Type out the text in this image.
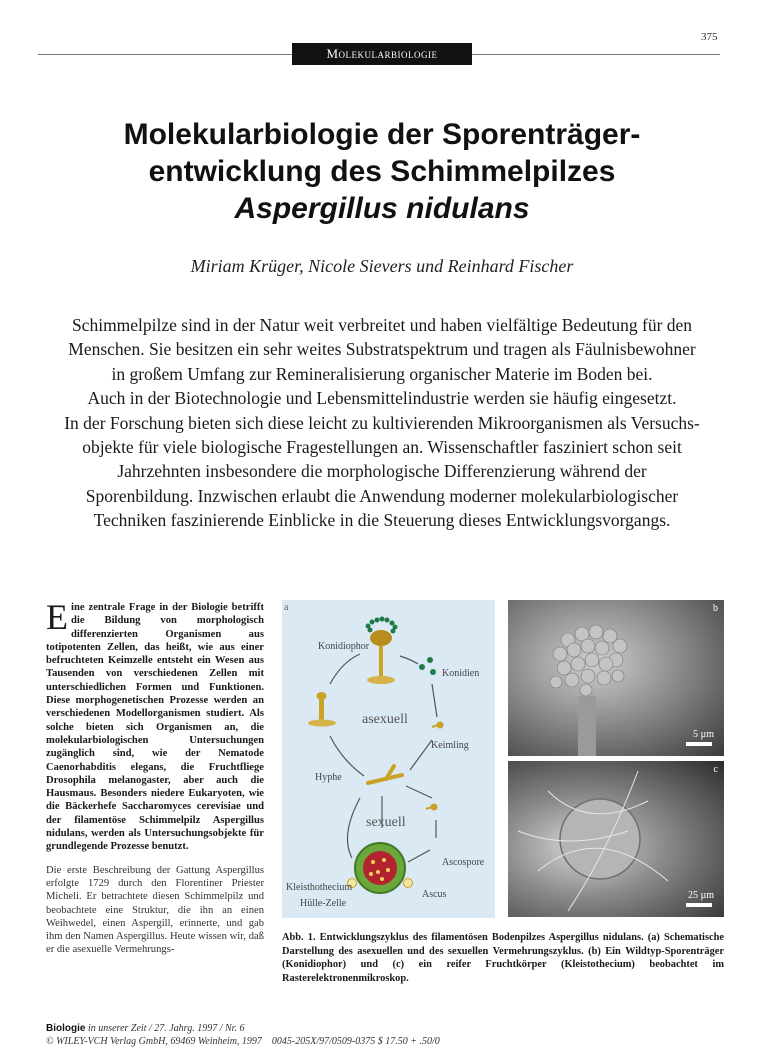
375
Molekularbiologie
Molekularbiologie der Sporenträger-
entwicklung des Schimmelpilzes
Aspergillus nidulans
Miriam Krüger, Nicole Sievers und Reinhard Fischer

Schimmelpilze sind in der Natur weit verbreitet und haben vielfältige Bedeutung für den

Menschen. Sie besitzen ein sehr weites Substratspektrum und tragen als Fäulnisbewohner

in großem Umfang zur Remineralisierung organischer Materie im Boden bei.

Auch in der Biotechnologie und Lebensmittelindustrie werden sie häufig eingesetzt.

In der Forschung bieten sich diese leicht zu kultivierenden Mikroorganismen als Versuchs-

objekte für viele biologische Fragestellungen an. Wissenschaftler fasziniert schon seit

Jahrzehnten insbesondere die morphologische Differenzierung während der

Sporenbildung. Inzwischen erlaubt die Anwendung moderner molekularbiologischer

Techniken faszinierende Einblicke in die Steuerung dieses Entwicklungsvorgangs.

Eine zentrale Frage in der Biologie betrifft die Bildung von morphologisch differenzierten Organismen aus totipotenten Zellen, das heißt, wie aus einer befruchteten Keimzelle entsteht ein Wesen aus Tausenden von verschiedenen Zellen mit unterschiedlichen Formen und Funktionen. Diese morphogenetischen Prozesse werden an verschiedenen Modellorganismen studiert. Als solche bieten sich Organismen an, die molekularbiologischen Untersuchungen zugänglich sind, wie der Nematode Caenorhabditis elegans, die Fruchtfliege Drosophila melanogaster, aber auch die Hausmaus. Besonders niedere Eukaryoten, wie die Bäckerhefe Saccharomyces cerevisiae und der filamentöse Schimmelpilz Aspergillus nidulans, werden als Untersuchungsobjekte für grundlegende Prozesse benutzt.

Die erste Beschreibung der Gattung Aspergillus erfolgte 1729 durch den Florentiner Priester Micheli. Er betrachtete diesen Schimmelpilz und beobachtete eine Struktur, die ihn an einen Weihwedel, einen Aspergill, erinnerte, und gab ihm den Namen Aspergillus. Heute wissen wir, daß er die asexuelle Vermehrungs-

a
Konidiophor
Konidien
asexuell
Keimling
Hyphe
sexuell
Ascospore
Kleisthothecium
Ascus
Hülle-Zelle
b
5 µm
c
25 µm
Abb. 1. Entwicklungszyklus des filamentösen Bodenpilzes Aspergillus nidulans. (a) Schematische Darstellung des asexuellen und des sexuellen Vermehrungszyklus. (b) Ein Wildtyp-Sporenträger (Konidiophor) und (c) ein reifer Fruchtkörper (Kleistothecium) beobachtet im Rasterelektronenmikroskop.
Biologie in unserer Zeit / 27. Jahrg. 1997 / Nr. 6
© WILEY-VCH Verlag GmbH, 69469 Weinheim, 1997 0045-205X/97/0509-0375 $ 17.50 + .50/0
